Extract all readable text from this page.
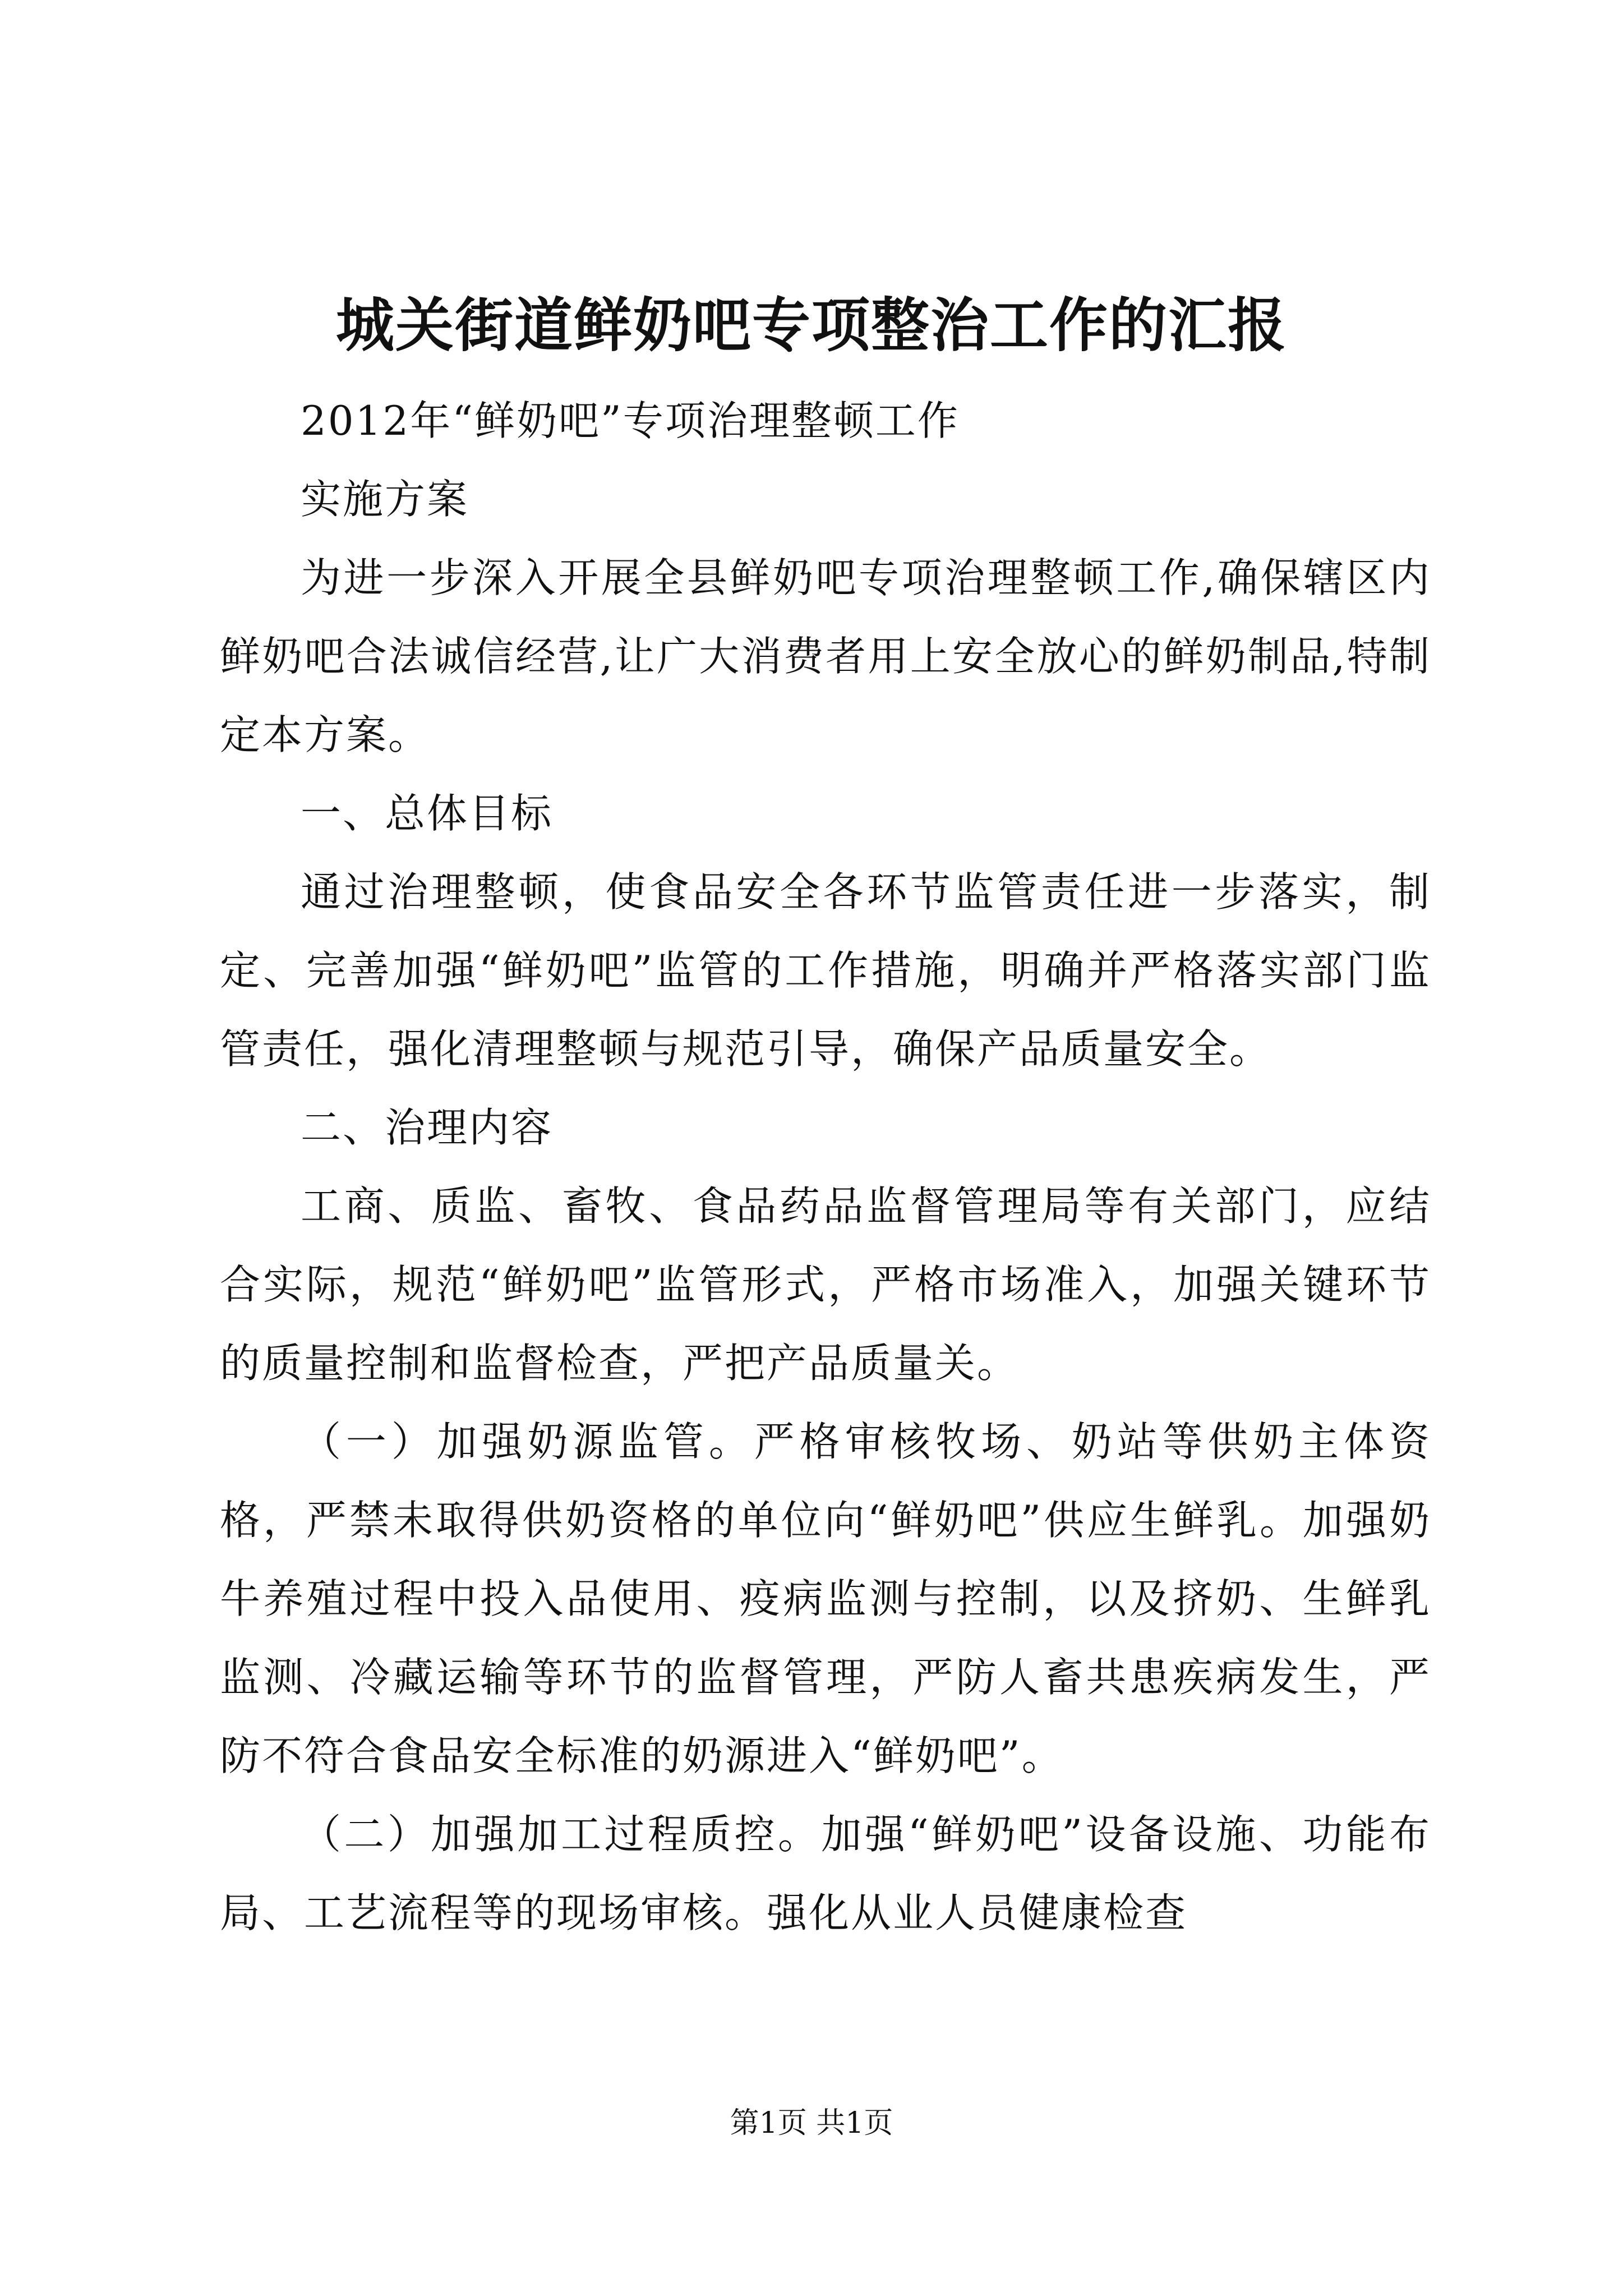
城关街道鲜奶吧专项整治工作的汇报

2012年“鲜奶吧”专项治理整顿工作

实施方案

为进一步深入开展全县鲜奶吧专项治理整顿工作,确保辖区内鲜奶吧合法诚信经营,让广大消费者用上安全放心的鲜奶制品,特制定本方案。

一、总体目标

通过治理整顿，使食品安全各环节监管责任进一步落实，制定、完善加强“鲜奶吧”监管的工作措施，明确并严格落实部门监管责任，强化清理整顿与规范引导，确保产品质量安全。

二、治理内容

工商、质监、畜牧、食品药品监督管理局等有关部门，应结合实际，规范“鲜奶吧”监管形式，严格市场准入，加强关键环节的质量控制和监督检查，严把产品质量关。

（一）加强奶源监管。严格审核牧场、奶站等供奶主体资格，严禁未取得供奶资格的单位向“鲜奶吧”供应生鲜乳。加强奶牛养殖过程中投入品使用、疫病监测与控制，以及挤奶、生鲜乳监测、冷藏运输等环节的监督管理，严防人畜共患疾病发生，严防不符合食品安全标准的奶源进入“鲜奶吧”。

（二）加强加工过程质控。加强“鲜奶吧”设备设施、功能布局、工艺流程等的现场审核。强化从业人员健康检查

第1页 共1页
